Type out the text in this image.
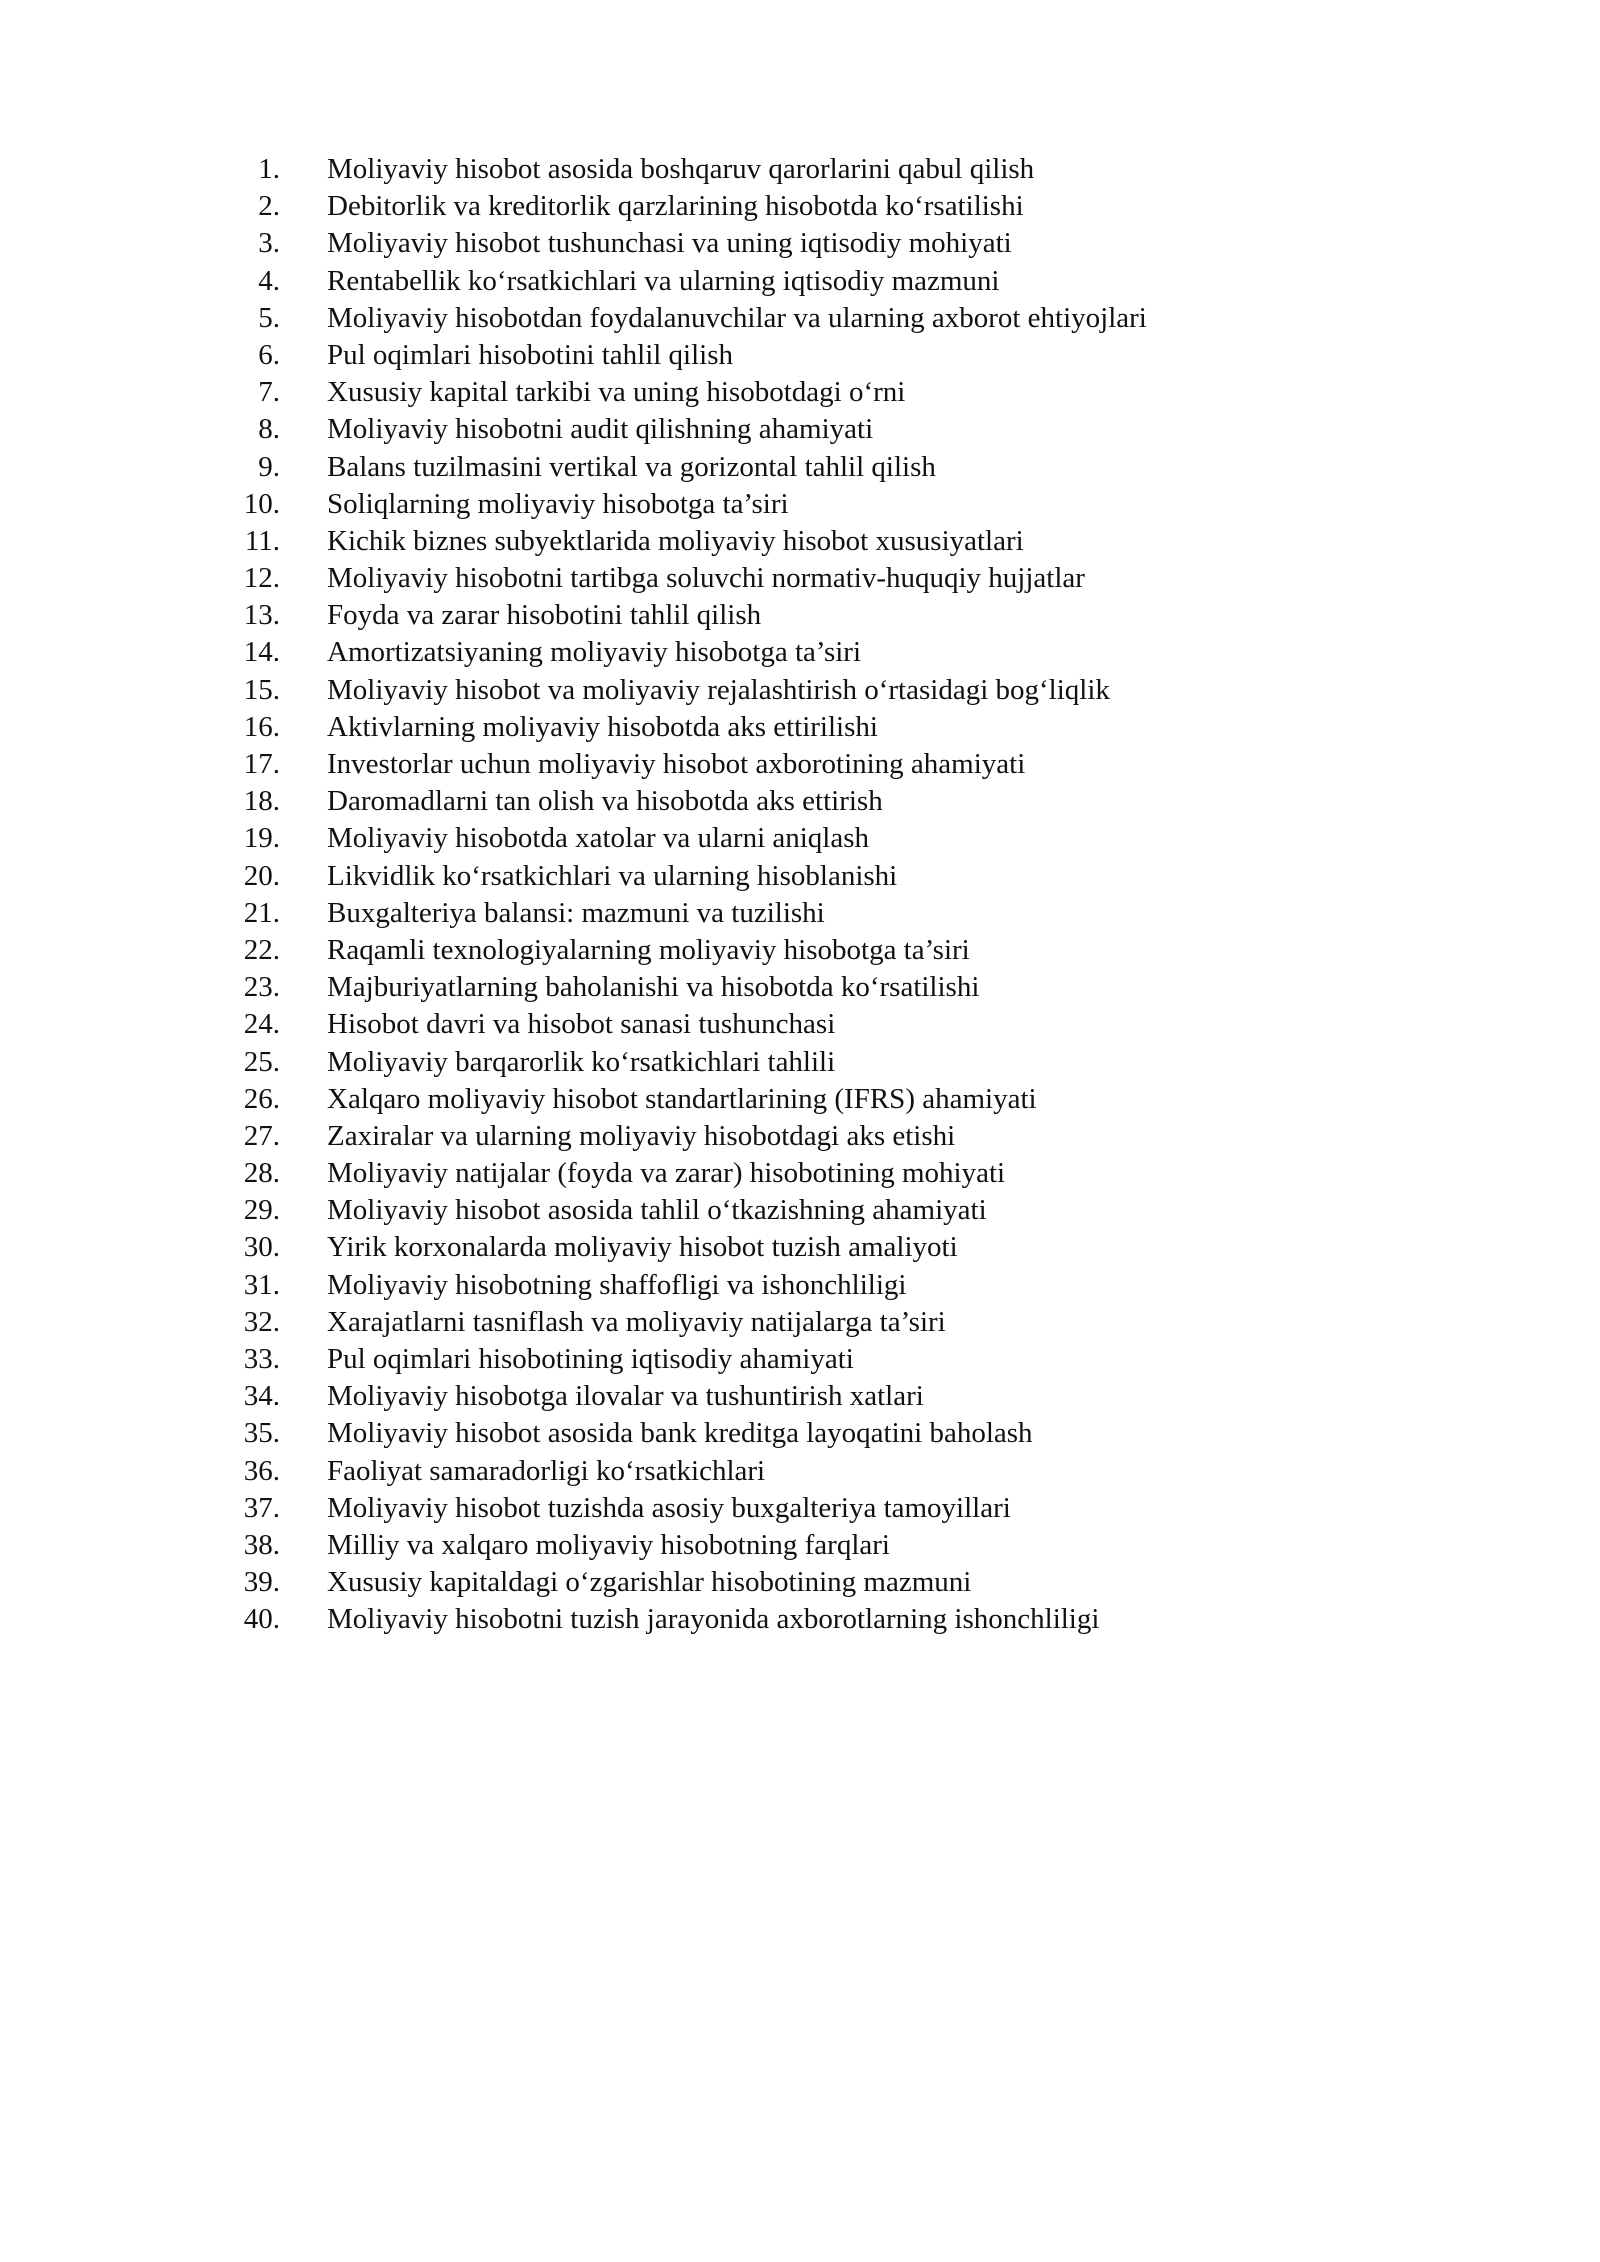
1. Moliyaviy hisobot asosida boshqaruv qarorlarini qabul qilish
2. Debitorlik va kreditorlik qarzlarining hisobotda ko‘rsatilishi
3. Moliyaviy hisobot tushunchasi va uning iqtisodiy mohiyati
4. Rentabellik ko‘rsatkichlari va ularning iqtisodiy mazmuni
5. Moliyaviy hisobotdan foydalanuvchilar va ularning axborot ehtiyojlari
6. Pul oqimlari hisobotini tahlil qilish
7. Xususiy kapital tarkibi va uning hisobotdagi o‘rni
8. Moliyaviy hisobotni audit qilishning ahamiyati
9. Balans tuzilmasini vertikal va gorizontal tahlil qilish
10. Soliqlarning moliyaviy hisobotga ta’siri
11. Kichik biznes subyektlarida moliyaviy hisobot xususiyatlari
12. Moliyaviy hisobotni tartibga soluvchi normativ-huquqiy hujjatlar
13. Foyda va zarar hisobotini tahlil qilish
14. Amortizatsiyaning moliyaviy hisobotga ta’siri
15. Moliyaviy hisobot va moliyaviy rejalashtirish o‘rtasidagi bog‘liqlik
16. Aktivlarning moliyaviy hisobotda aks ettirilishi
17. Investorlar uchun moliyaviy hisobot axborotining ahamiyati
18. Daromadlarni tan olish va hisobotda aks ettirish
19. Moliyaviy hisobotda xatolar va ularni aniqlash
20. Likvidlik ko‘rsatkichlari va ularning hisoblanishi
21. Buxgalteriya balansi: mazmuni va tuzilishi
22. Raqamli texnologiyalarning moliyaviy hisobotga ta’siri
23. Majburiyatlarning baholanishi va hisobotda ko‘rsatilishi
24. Hisobot davri va hisobot sanasi tushunchasi
25. Moliyaviy barqarorlik ko‘rsatkichlari tahlili
26. Xalqaro moliyaviy hisobot standartlarining (IFRS) ahamiyati
27. Zaxiralar va ularning moliyaviy hisobotdagi aks etishi
28. Moliyaviy natijalar (foyda va zarar) hisobotining mohiyati
29. Moliyaviy hisobot asosida tahlil o‘tkazishning ahamiyati
30. Yirik korxonalarda moliyaviy hisobot tuzish amaliyoti
31. Moliyaviy hisobotning shaffofligi va ishonchliligi
32. Xarajatlarni tasniflash va moliyaviy natijalarga ta’siri
33. Pul oqimlari hisobotining iqtisodiy ahamiyati
34. Moliyaviy hisobotga ilovalar va tushuntirish xatlari
35. Moliyaviy hisobot asosida bank kreditga layoqatini baholash
36. Faoliyat samaradorligi ko‘rsatkichlari
37. Moliyaviy hisobot tuzishda asosiy buxgalteriya tamoyillari
38. Milliy va xalqaro moliyaviy hisobotning farqlari
39. Xususiy kapitaldagi o‘zgarishlar hisobotining mazmuni
40. Moliyaviy hisobotni tuzish jarayonida axborotlarning ishonchliligi
